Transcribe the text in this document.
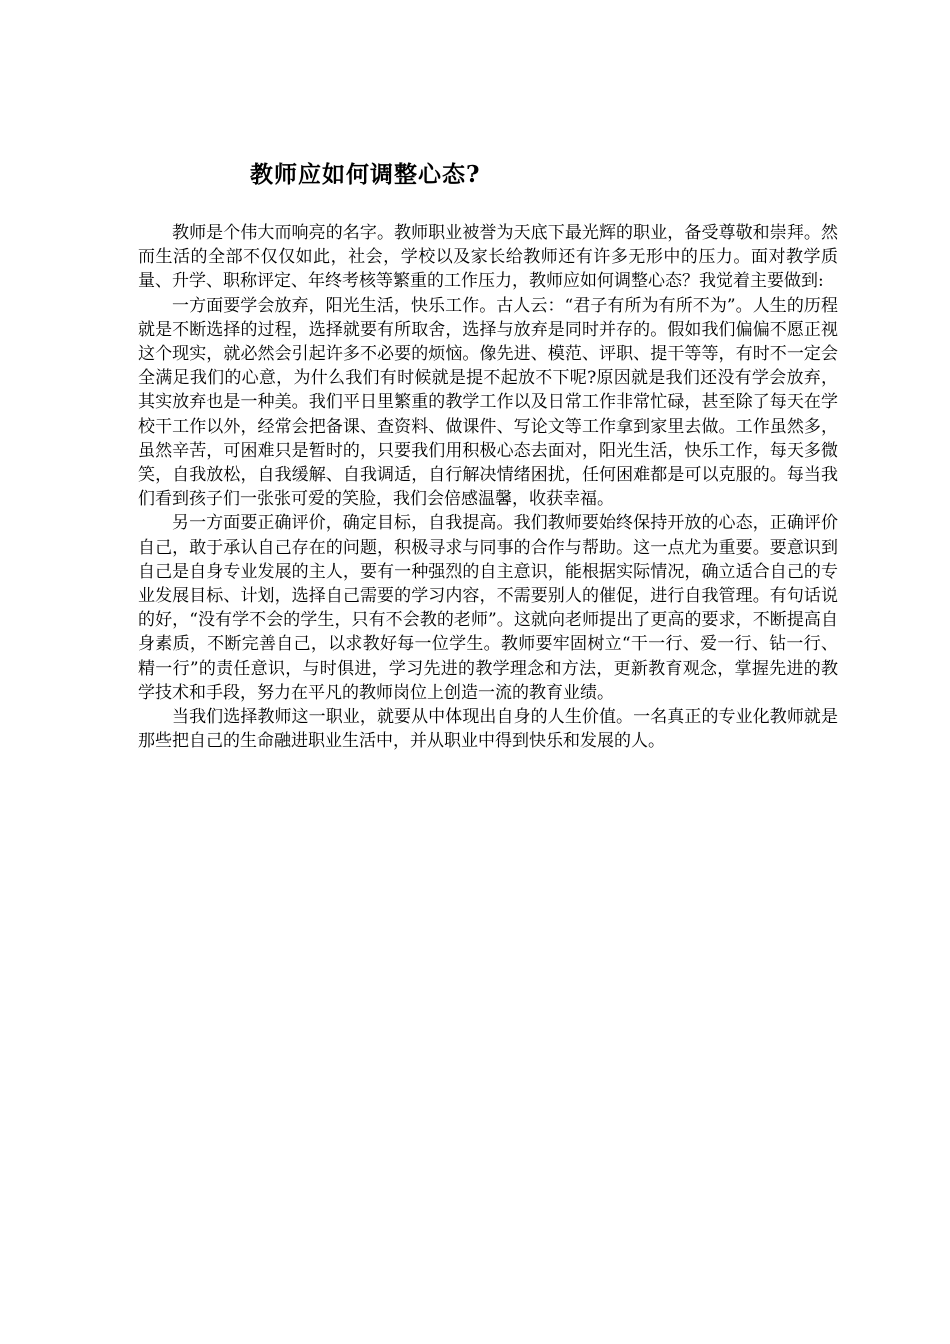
教师应如何调整心态?

教师是个伟大而响亮的名字。教师职业被誉为天底下最光辉的职业，备受尊敬和崇拜。然而生活的全部不仅仅如此，社会，学校以及家长给教师还有许多无形中的压力。面对教学质量、升学、职称评定、年终考核等繁重的工作压力，教师应如何调整心态？我觉着主要做到:

一方面要学会放弃，阳光生活，快乐工作。古人云：“君子有所为有所不为”。人生的历程就是不断选择的过程，选择就要有所取舍，选择与放弃是同时并存的。假如我们偏偏不愿正视这个现实，就必然会引起许多不必要的烦恼。像先进、模范、评职、提干等等，有时不一定会全满足我们的心意，为什么我们有时候就是提不起放不下呢?原因就是我们还没有学会放弃，其实放弃也是一种美。我们平日里繁重的教学工作以及日常工作非常忙碌，甚至除了每天在学校干工作以外，经常会把备课、查资料、做课件、写论文等工作拿到家里去做。工作虽然多，虽然辛苦，可困难只是暂时的，只要我们用积极心态去面对，阳光生活，快乐工作，每天多微笑，自我放松，自我缓解、自我调适，自行解决情绪困扰，任何困难都是可以克服的。每当我们看到孩子们一张张可爱的笑脸，我们会倍感温馨，收获幸福。

另一方面要正确评价，确定目标，自我提高。我们教师要始终保持开放的心态，正确评价自己，敢于承认自己存在的问题，积极寻求与同事的合作与帮助。这一点尤为重要。要意识到自己是自身专业发展的主人，要有一种强烈的自主意识，能根据实际情况，确立适合自己的专业发展目标、计划，选择自己需要的学习内容，不需要别人的催促，进行自我管理。有句话说的好，“没有学不会的学生，只有不会教的老师”。这就向老师提出了更高的要求，不断提高自身素质，不断完善自己，以求教好每一位学生。教师要牢固树立“干一行、爱一行、钻一行、精一行”的责任意识，与时俱进，学习先进的教学理念和方法，更新教育观念，掌握先进的教学技术和手段，努力在平凡的教师岗位上创造一流的教育业绩。

当我们选择教师这一职业，就要从中体现出自身的人生价值。一名真正的专业化教师就是那些把自己的生命融进职业生活中，并从职业中得到快乐和发展的人。
